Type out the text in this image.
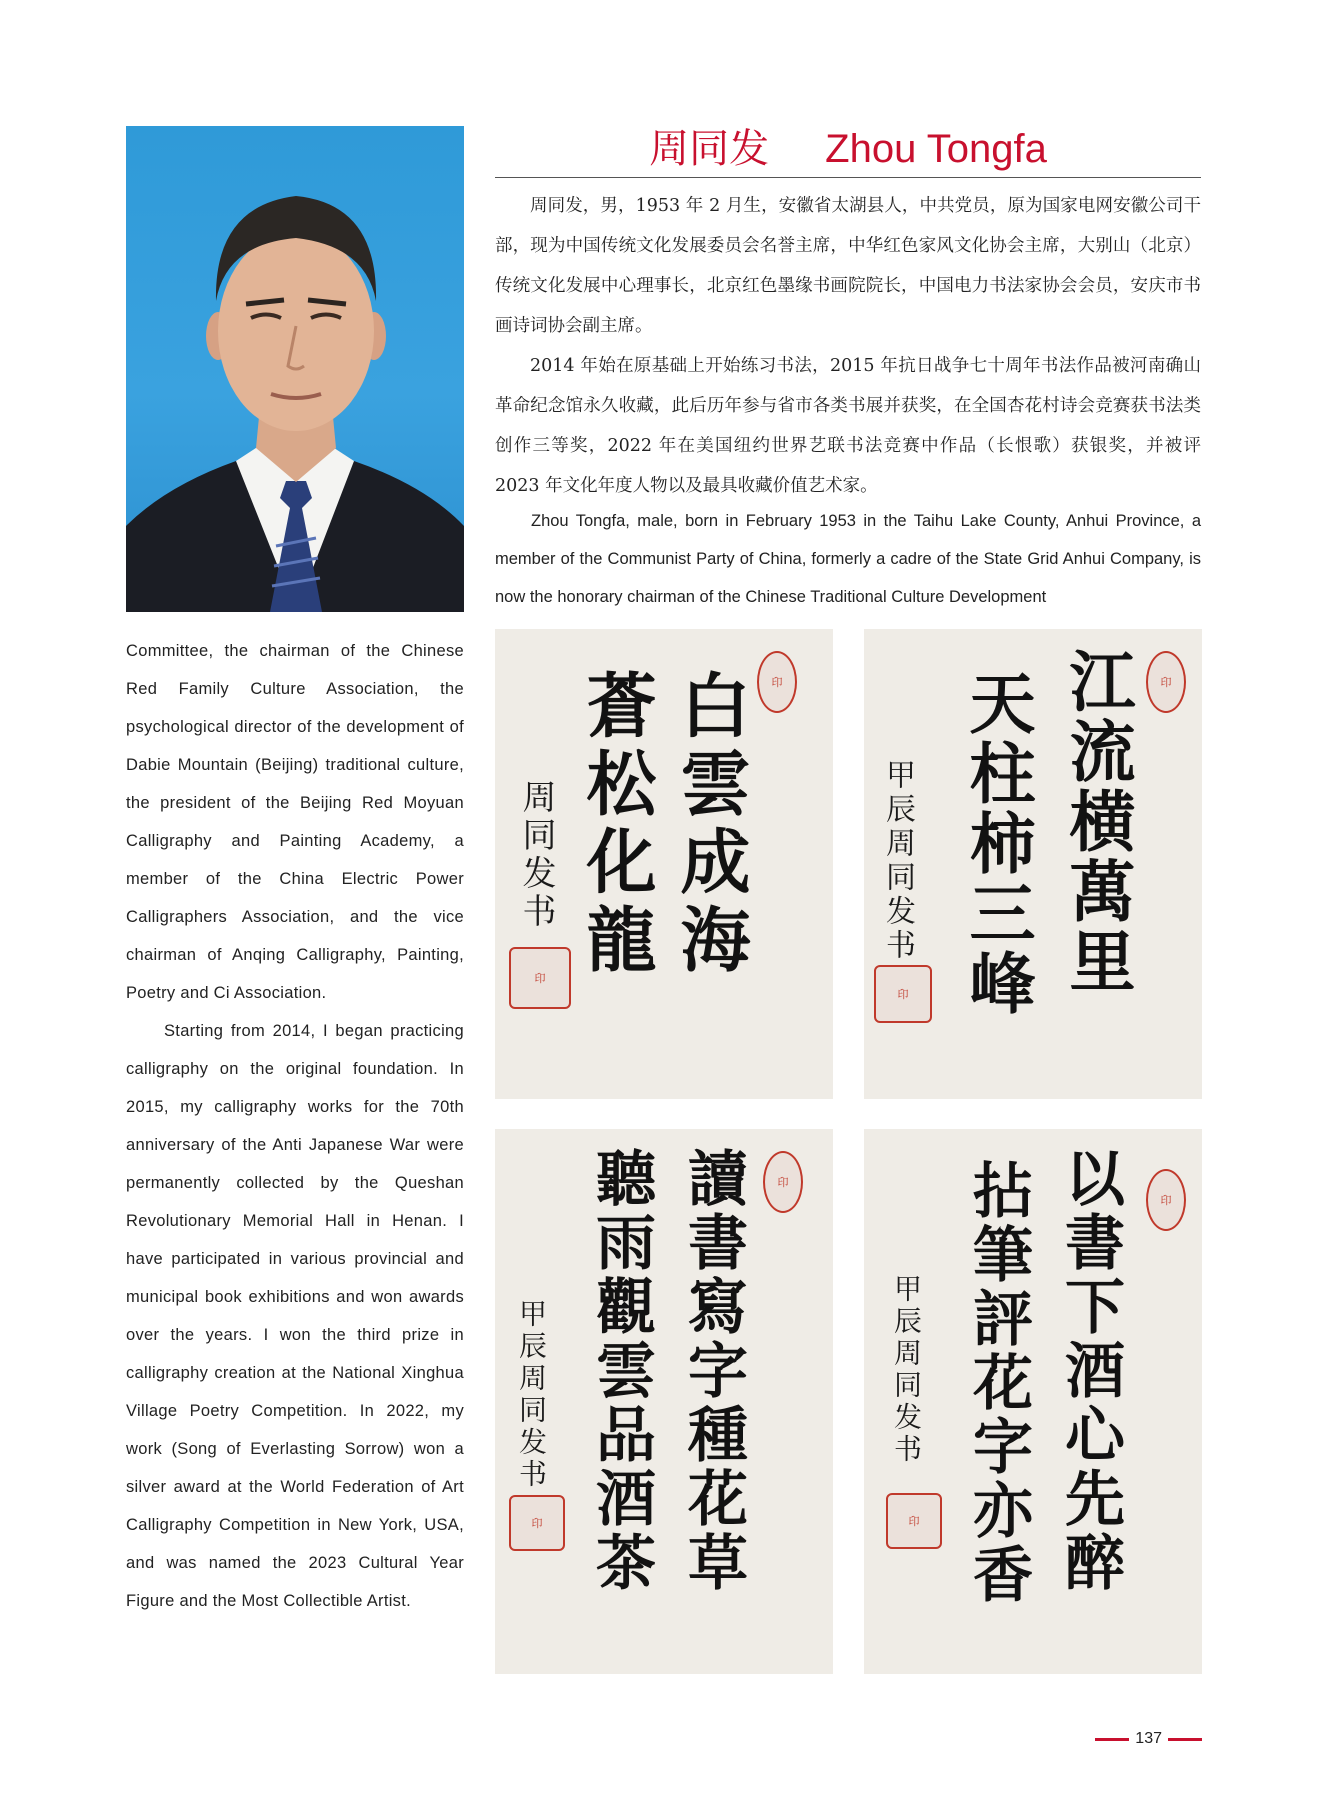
周同发 Zhou Tongfa

周同发，男，1953 年 2 月生，安徽省太湖县人，中共党员，原为国家电网安徽公司干部，现为中国传统文化发展委员会名誉主席，中华红色家风文化协会主席，大别山（北京）传统文化发展中心理事长，北京红色墨缘书画院院长，中国电力书法家协会会员，安庆市书画诗词协会副主席。

2014 年始在原基础上开始练习书法，2015 年抗日战争七十周年书法作品被河南确山革命纪念馆永久收藏，此后历年参与省市各类书展并获奖，在全国杏花村诗会竞赛获书法类创作三等奖，2022 年在美国纽约世界艺联书法竞赛中作品（长恨歌）获银奖，并被评 2023 年文化年度人物以及最具收藏价值艺术家。

Zhou Tongfa, male, born in February 1953 in the Taihu Lake County, Anhui Province, a member of the Communist Party of China, formerly a cadre of the State Grid Anhui Company, is now the honorary chairman of the Chinese Traditional Culture Development

Committee, the chairman of the Chinese Red Family Culture Association, the psychological director of the development of Dabie Mountain (Beijing) traditional culture, the president of the Beijing Red Moyuan Calligraphy and Painting Academy, a member of the China Electric Power Calligraphers Association, and the vice chairman of Anqing Calligraphy, Painting, Poetry and Ci Association.

Starting from 2014, I began practicing calligraphy on the original foundation. In 2015, my calligraphy works for the 70th anniversary of the Anti Japanese War were permanently collected by the Queshan Revolutionary Memorial Hall in Henan. I have participated in various provincial and municipal book exhibitions and won awards over the years. I won the third prize in calligraphy creation at the National Xinghua Village Poetry Competition. In 2022, my work (Song of Everlasting Sorrow) won a silver award at the World Federation of Art Calligraphy Competition in New York, USA, and was named the 2023 Cultural Year Figure and the Most Collectible Artist.

印
白雲成海
蒼松化龍
周同发书
印
印
江流横萬里
天柱柿三峰
甲辰周同发书
印
印
讀書寫字種花草
聽雨觀雲品酒茶
甲辰周同发书
印
印
以書下酒心先醉
拈筆評花字亦香
甲辰周同发书
印
137
